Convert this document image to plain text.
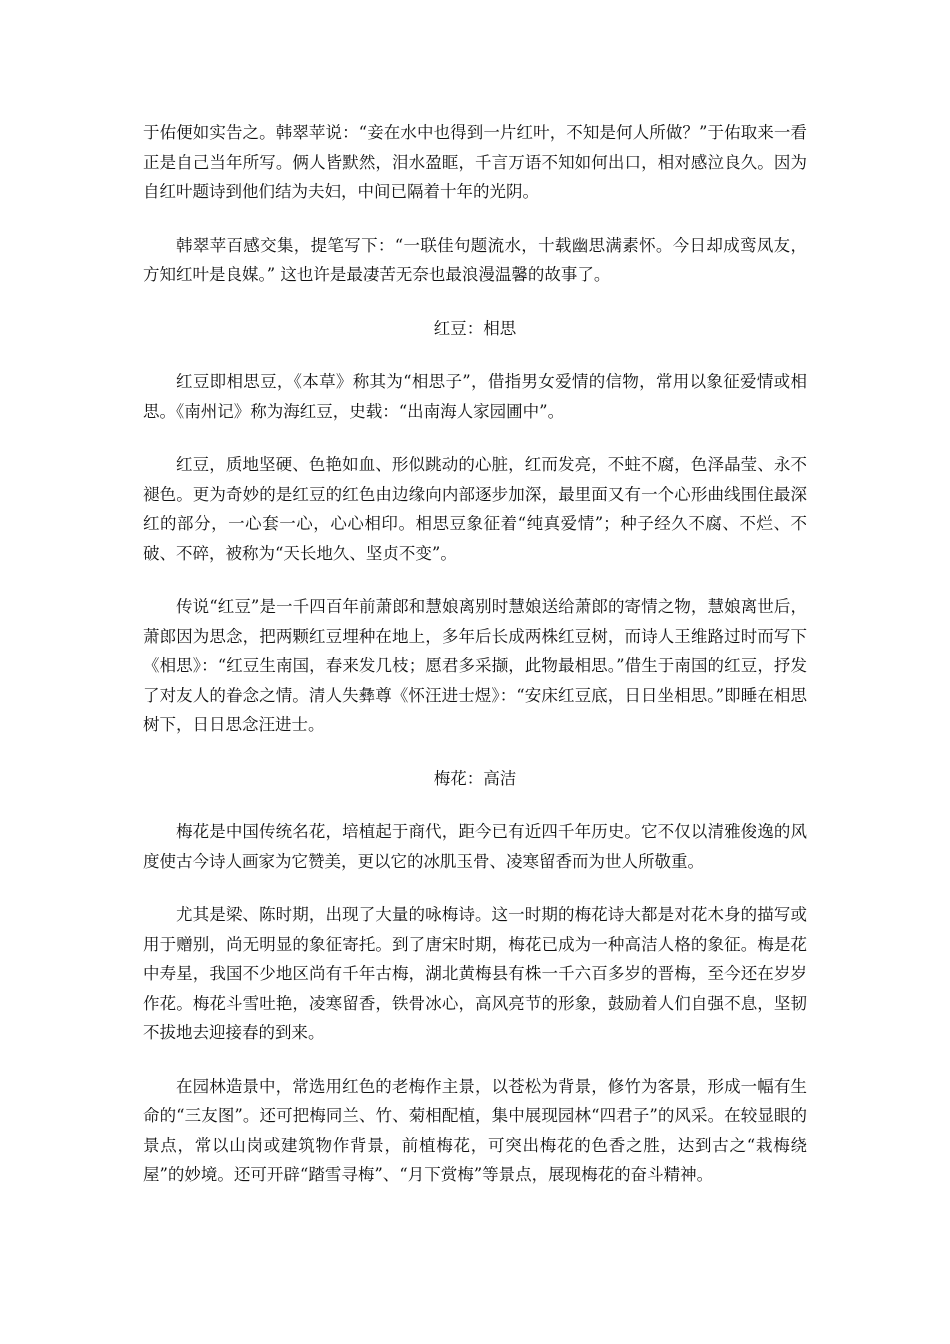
于佑便如实告之。韩翠苹说：“妾在水中也得到一片红叶，不知是何人所做？”于佑取来一看正是自己当年所写。俩人皆默然，泪水盈眶，千言万语不知如何出口，相对感泣良久。因为自红叶题诗到他们结为夫妇，中间已隔着十年的光阴。

韩翠苹百感交集，提笔写下：“一联佳句题流水，十载幽思满素怀。今日却成鸾凤友，方知红叶是良媒。” 这也许是最凄苦无奈也最浪漫温馨的故事了。

红豆：相思

红豆即相思豆，《本草》称其为“相思子”，借指男女爱情的信物，常用以象征爱情或相思。《南州记》称为海红豆，史载：“出南海人家园圃中”。

红豆，质地坚硬、色艳如血、形似跳动的心脏，红而发亮，不蛀不腐，色泽晶莹、永不褪色。更为奇妙的是红豆的红色由边缘向内部逐步加深，最里面又有一个心形曲线围住最深红的部分，一心套一心，心心相印。相思豆象征着“纯真爱情”；种子经久不腐、不烂、不破、不碎，被称为“天长地久、坚贞不变”。

传说“红豆”是一千四百年前萧郎和慧娘离别时慧娘送给萧郎的寄情之物，慧娘离世后，萧郎因为思念，把两颗红豆埋种在地上，多年后长成两株红豆树，而诗人王维路过时而写下《相思》：“红豆生南国，春来发几枝；愿君多采撷，此物最相思。”借生于南国的红豆，抒发了对友人的眷念之情。清人失彝尊《怀汪进士煜》：“安床红豆底，日日坐相思。”即睡在相思树下，日日思念汪进士。

梅花：高洁

梅花是中国传统名花，培植起于商代，距今已有近四千年历史。它不仅以清雅俊逸的风度使古今诗人画家为它赞美，更以它的冰肌玉骨、凌寒留香而为世人所敬重。

尤其是梁、陈时期，出现了大量的咏梅诗。这一时期的梅花诗大都是对花木身的描写或用于赠别，尚无明显的象征寄托。到了唐宋时期，梅花已成为一种高洁人格的象征。梅是花中寿星，我国不少地区尚有千年古梅，湖北黄梅县有株一千六百多岁的晋梅，至今还在岁岁作花。梅花斗雪吐艳，凌寒留香，铁骨冰心，高风亮节的形象，鼓励着人们自强不息，坚韧不拔地去迎接春的到来。

在园林造景中，常选用红色的老梅作主景，以苍松为背景，修竹为客景，形成一幅有生命的“三友图”。还可把梅同兰、竹、菊相配植，集中展现园林“四君子”的风采。在较显眼的景点，常以山岗或建筑物作背景，前植梅花，可突出梅花的色香之胜，达到古之“栽梅绕屋”的妙境。还可开辟“踏雪寻梅”、“月下赏梅”等景点，展现梅花的奋斗精神。
